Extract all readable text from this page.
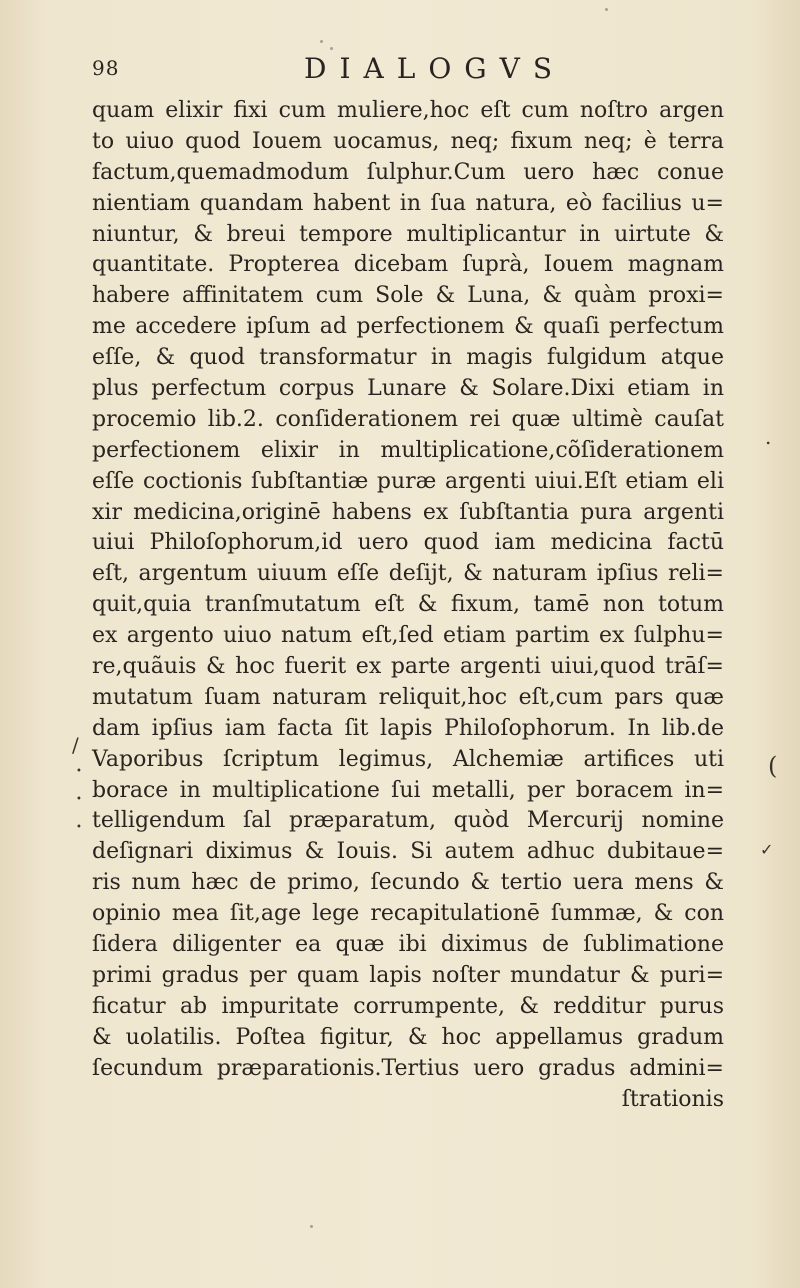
98	DIALOGVS
quam elixir fixi cum muliere,hoc eſt cum noſtro argen
to uiuo quod Iouem uocamus, neq; fixum neq; è terra
factum,quemadmodum ſulphur.Cum uero hæc conue
nientiam quandam habent in ſua natura, eò facilius u=
niuntur, & breui tempore multiplicantur in uirtute &
quantitate. Propterea dicebam ſuprà, Iouem magnam
habere affinitatem cum Sole & Luna, & quàm proxi=
me accedere ipſum ad perfectionem & quaſi perfectum
eſſe, & quod transformatur in magis fulgidum atque
plus perfectum corpus Lunare & Solare.Dixi etiam in
procemio lib.2. conſiderationem rei quæ ultimè cauſat
perfectionem elixir in multiplicatione,cõſiderationem
eſſe coctionis ſubſtantiæ puræ argenti uiui.Eſt etiam eli
xir medicina,originē habens ex ſubſtantia pura argenti
uiui Philoſophorum,id uero quod iam medicina factū
eſt, argentum uiuum eſſe deſijt, & naturam ipſius reli=
quit,quia tranſmutatum eſt & fixum, tamē non totum
ex argento uiuo natum eſt,ſed etiam partim ex ſulphu=
re,quãuis & hoc fuerit ex parte argenti uiui,quod trāſ=
mutatum ſuam naturam reliquit,hoc eſt,cum pars quæ
dam ipſius iam facta ſit lapis Philoſophorum. In lib.de
Vaporibus ſcriptum legimus, Alchemiæ artifices uti
borace in multiplicatione ſui metalli, per boracem in=
telligendum ſal præparatum, quòd Mercurij nomine
deſignari diximus & Iouis. Si autem adhuc dubitaue=
ris num hæc de primo, ſecundo & tertio uera mens &
opinio mea ſit,age lege recapitulationē ſummæ, & con
ſidera diligenter ea quæ ibi diximus de ſublimatione
primi gradus per quam lapis noſter mundatur & puri=
ficatur ab impuritate corrumpente, & redditur purus
& uolatilis. Poſtea figitur, & hoc appellamus gradum
ſecundum præparationis.Tertius uero gradus admini=
ſtrationis
/
•
•
•
(
✓
.
